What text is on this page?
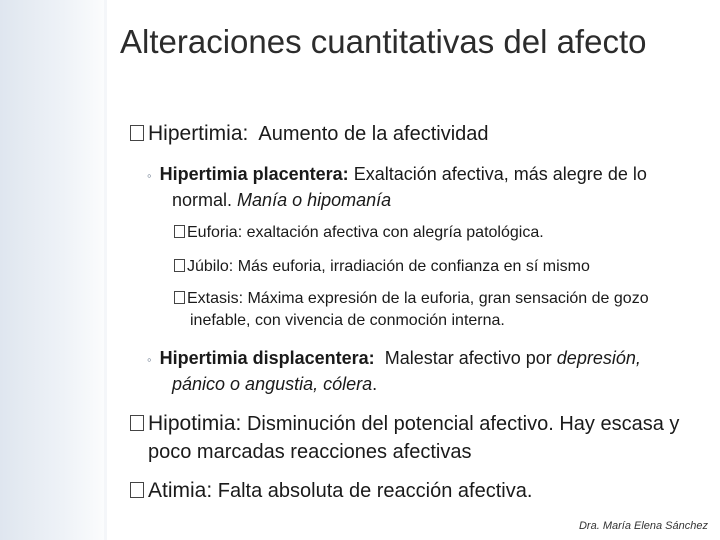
Alteraciones cuantitativas del afecto
Hipertimia: Aumento de la afectividad
◦ Hipertimia placentera: Exaltación afectiva, más alegre de lo normal. Manía o hipomanía
Euforia: exaltación afectiva con alegría patológica.
Júbilo: Más euforia, irradiación de confianza en sí mismo
Extasis: Máxima expresión de la euforia, gran sensación de gozo inefable, con vivencia de conmoción interna.
◦ Hipertimia displacentera: Malestar afectivo por depresión, pánico o angustia, cólera.
Hipotimia: Disminución del potencial afectivo. Hay escasa y poco marcadas reacciones afectivas
Atimia: Falta absoluta de reacción afectiva.
Dra. María Elena Sánchez
